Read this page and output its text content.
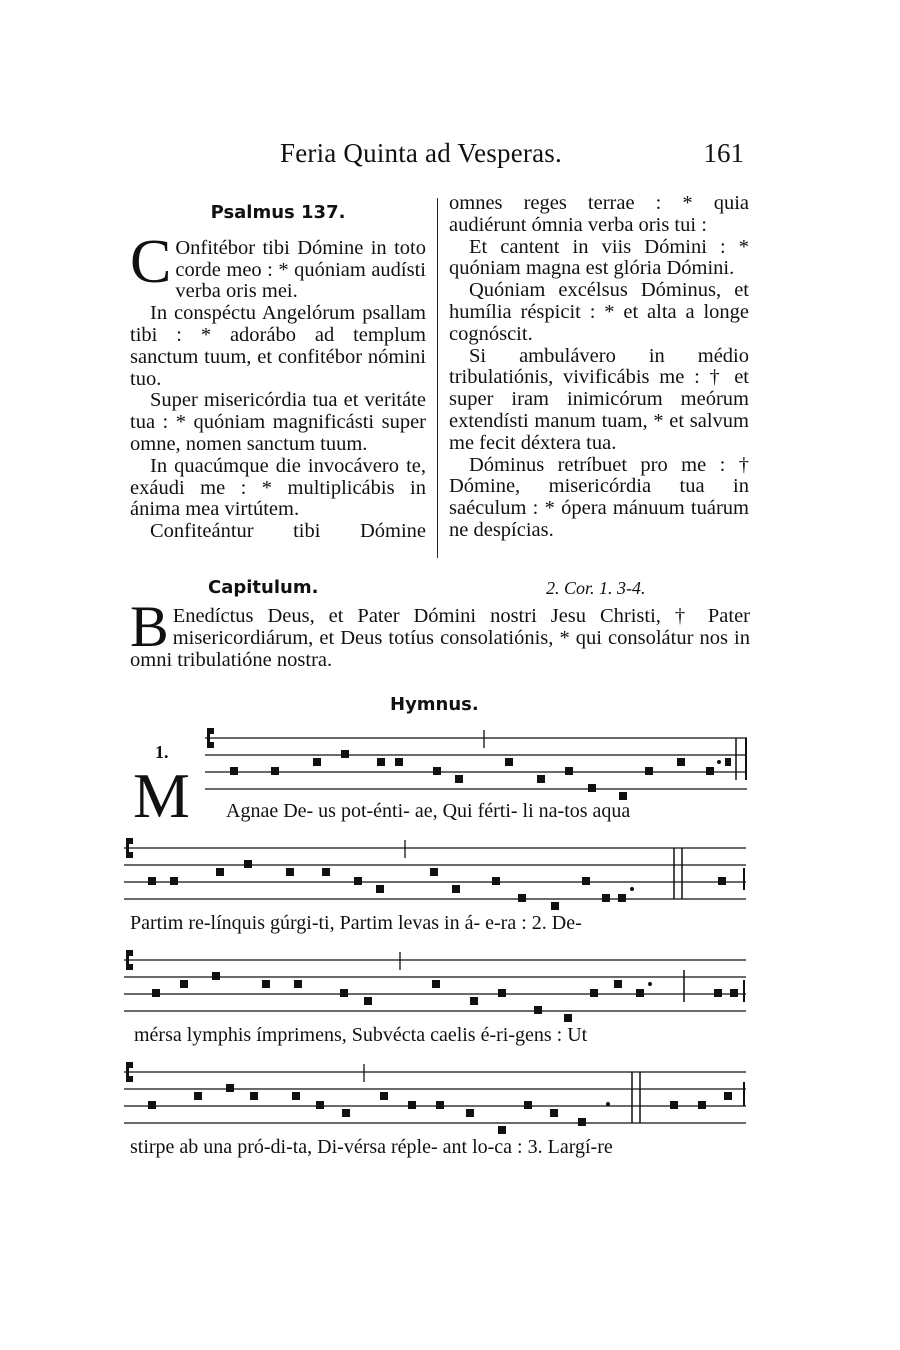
Feria Quinta ad Vesperas.	161
Psalmus 137.

C Onfitébor tibi Dómine in toto corde meo : * quóniam audísti verba oris mei.

In conspéctu Angelórum psallam tibi : * adorábo ad templum sanctum tuum, et confitébor nómini tuo.

Super misericórdia tua et veritáte tua : * quóniam magnificásti super omne, nomen sanctum tuum.

In quacúmque die invocávero te, exáudi me : * multiplicábis in ánima mea virtútem.

Confiteántur tibi Dómine

omnes reges terrae : * quia audiérunt ómnia verba oris tui :

Et cantent in viis Dómini : * quóniam magna est glória Dómini.

Quóniam excélsus Dóminus, et humília réspicit : * et alta a longe cognóscit.

Si ambulávero in médio tribulatiónis, vivificábis me : † et super iram inimicórum meórum extendísti manum tuam, * et salvum me fecit déxtera tua.

Dóminus retríbuet pro me : † Dómine, misericórdia tua in saéculum : * ópera mánuum tuárum ne despícias.

Capitulum.	2. Cor. 1. 3-4.

B Enedíctus Deus, et Pater Dómini nostri Jesu Christi, † Pater misericordiárum, et Deus totíus consolatiónis, * qui consolátur nos in omni tribulatióne nostra.

Hymnus.
1.
M Agnae De- us pot-énti- ae, Qui férti- li na-tos aqua
Partim re-línquis gúrgi-ti, Partim levas in á- e-ra : 2. De-
mérsa lymphis ímprimens, Subvécta caelis é-ri-gens : Ut
stirpe ab una pró-di-ta, Di-vérsa réple- ant lo-ca : 3. Largí-re
